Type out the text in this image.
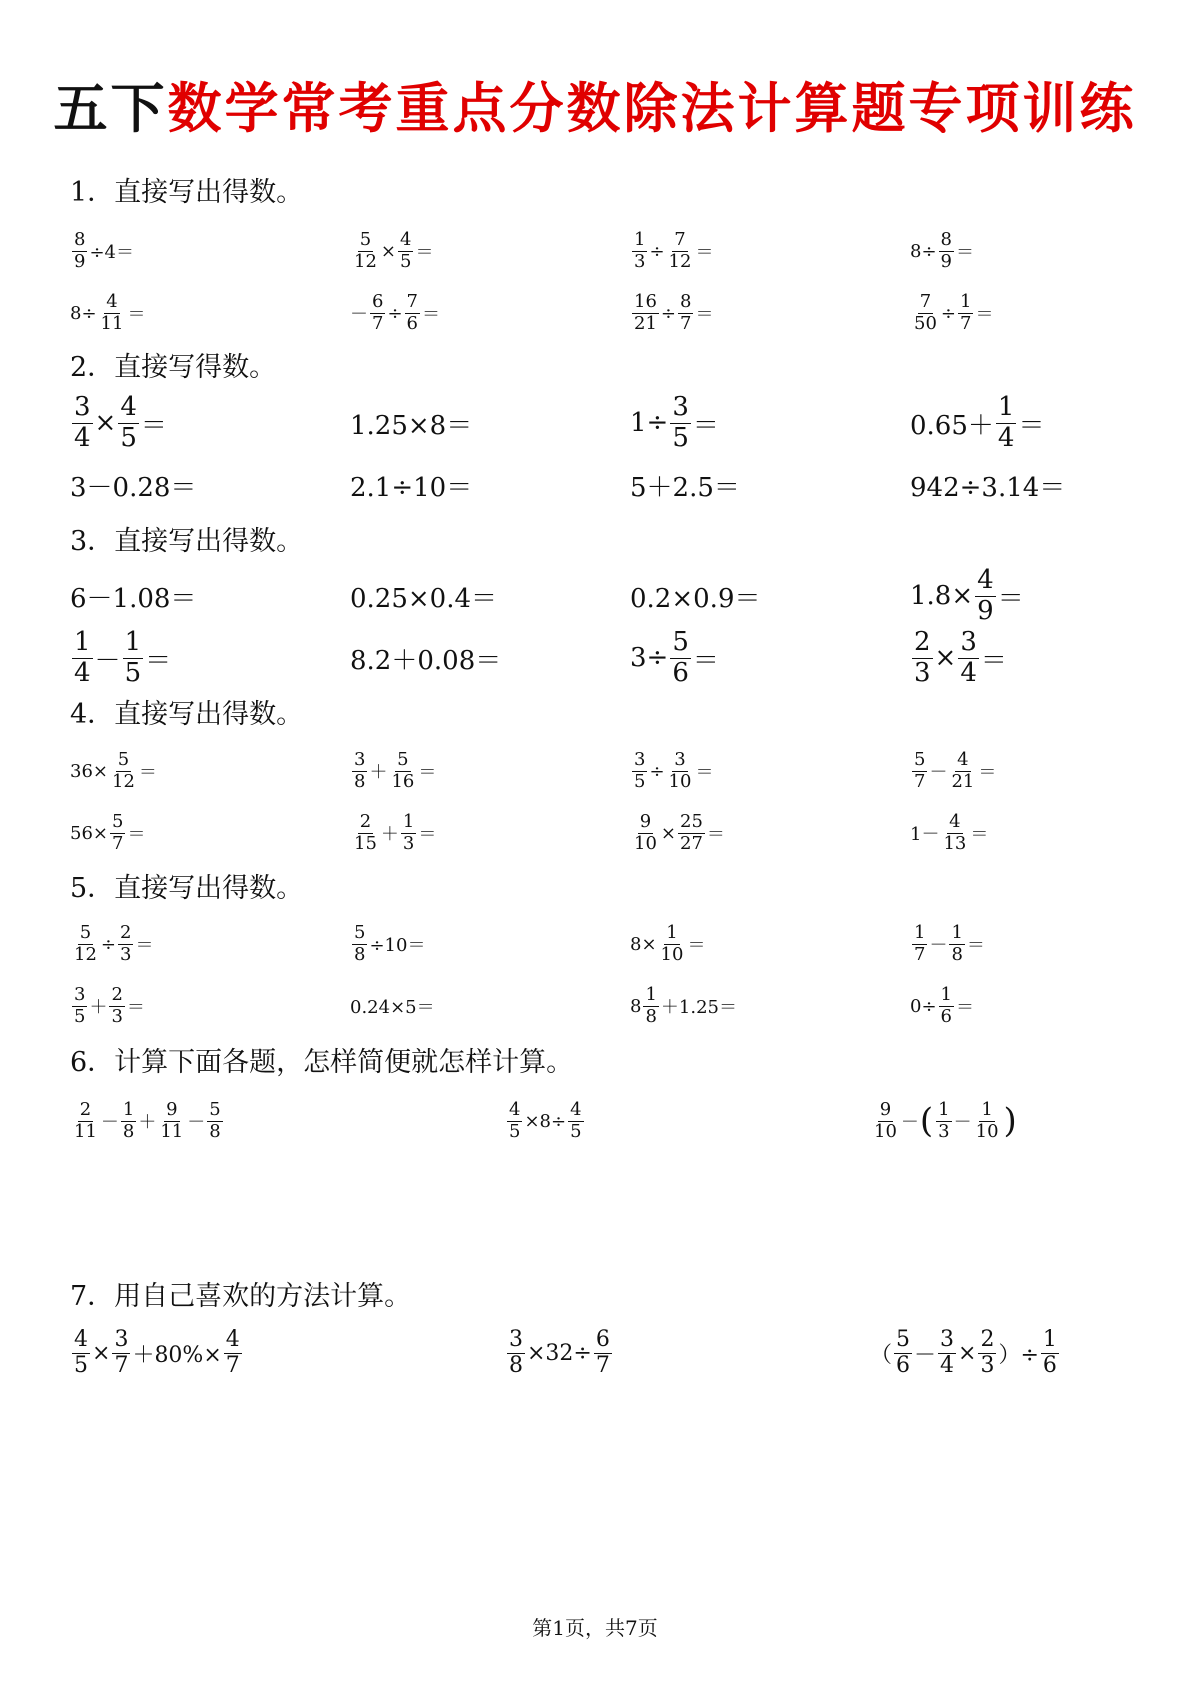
五下数学常考重点分数除法计算题专项训练
1．直接写出得数。
$\frac{8}{9} \div 4=$	$\frac{5}{12} \times \frac{4}{5}$ ＝	$\frac{1}{3} \div \frac{7}{12}$ ＝	$8\div \frac{8}{9}$ ＝
$8\div \frac{4}{11}$ ＝	－ $\frac{6}{7} \div \frac{7}{6}$ ＝	$\frac{16}{21} \div \frac{8}{7}$ ＝	$\frac{7}{50} \div \frac{1}{7}$ ＝
2．直接写得数。
$\frac{3}{4} \times \frac{4}{5}$ ＝	1.25×8＝	$1\div \frac{3}{5}$ ＝	$0.65+ \frac{1}{4}$ ＝
3－0.28＝	2.1÷10＝	5＋2.5＝	942÷3.14＝
3．直接写出得数。
6－1.08＝	0.25×0.4＝	0.2×0.9＝	$1.8\times \frac{4}{9}$ ＝
$\frac{1}{4} - \frac{1}{5}$ ＝	8.2＋0.08＝	$3\div \frac{5}{6}$ ＝	$\frac{2}{3} \times \frac{3}{4}$ ＝
4．直接写出得数。
$36\times \frac{5}{12}$ ＝	$\frac{3}{8} + \frac{5}{16}$ ＝	$\frac{3}{5} \div \frac{3}{10}$ ＝	$\frac{5}{7} - \frac{4}{21}$ ＝
$56\times \frac{5}{7}$ ＝	$\frac{2}{15} + \frac{1}{3}$ ＝	$\frac{9}{10} \times \frac{25}{27}$ ＝	$1- \frac{4}{13}$ ＝
5．直接写出得数。
$\frac{5}{12} \div \frac{2}{3}$ ＝	$\frac{5}{8} \div 10=$	$8\times \frac{1}{10}$ ＝	$\frac{1}{7} - \frac{1}{8}$ ＝
$\frac{3}{5} + \frac{2}{3}$ ＝	0.24×5＝	$8 \frac{1}{8} +1.25=$	$0\div \frac{1}{6}$ ＝
6．计算下面各题，怎样简便就怎样计算。
$\frac{2}{11} - \frac{1}{8} + \frac{9}{11} - \frac{5}{8}$	$\frac{4}{5} \times 8\div \frac{4}{5}$	$\frac{9}{10}$ － ( $\frac{1}{3} - \frac{1}{10}$ )
7．用自己喜欢的方法计算。
$\frac{4}{5} \times \frac{3}{7} +80\%\times \frac{4}{7}$	$\frac{3}{8} \times 32\div \frac{6}{7}$	（ $\frac{5}{6} - \frac{3}{4} \times \frac{2}{3}$ ）÷ $\frac{1}{6}$
第1页，共7页
